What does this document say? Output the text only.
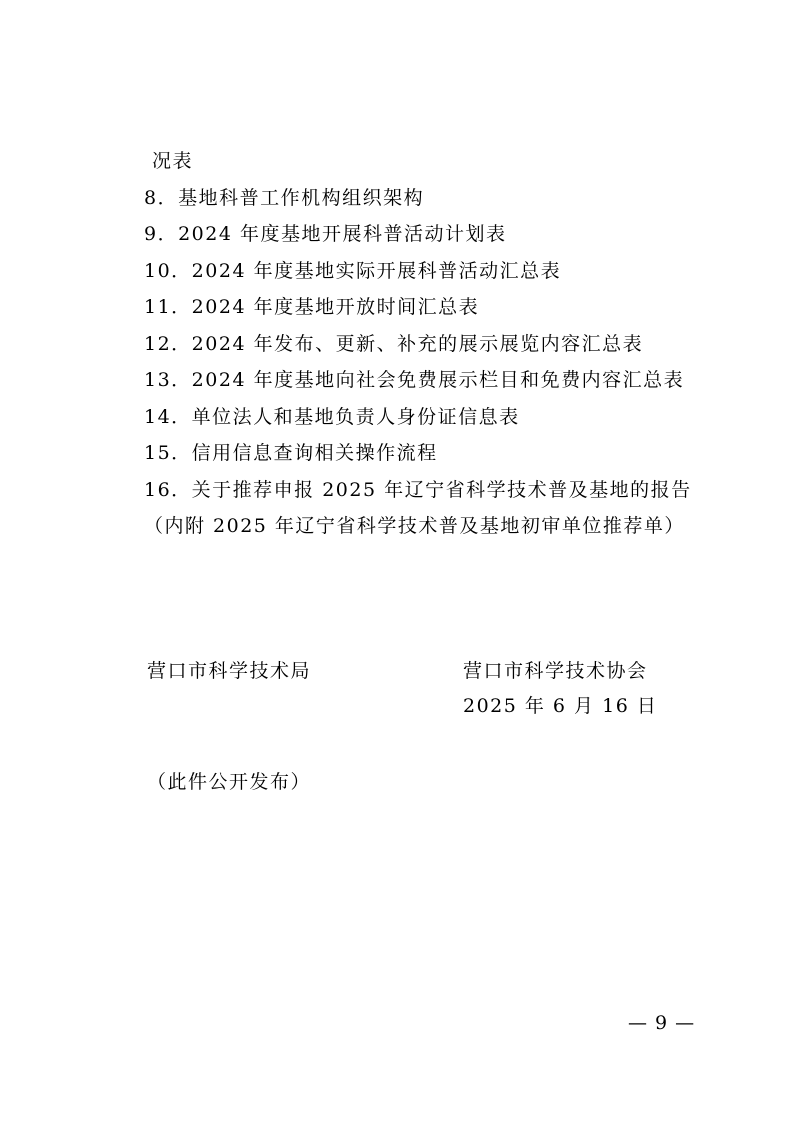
况表
8．基地科普工作机构组织架构
9．2024 年度基地开展科普活动计划表
10．2024 年度基地实际开展科普活动汇总表
11．2024 年度基地开放时间汇总表
12．2024 年发布、更新、补充的展示展览内容汇总表
13．2024 年度基地向社会免费展示栏目和免费内容汇总表
14．单位法人和基地负责人身份证信息表
15．信用信息查询相关操作流程
16．关于推荐申报 2025 年辽宁省科学技术普及基地的报告
（内附 2025 年辽宁省科学技术普及基地初审单位推荐单）
营口市科学技术局	营口市科学技术协会
2025 年 6 月 16 日
（此件公开发布）
— 9 —
